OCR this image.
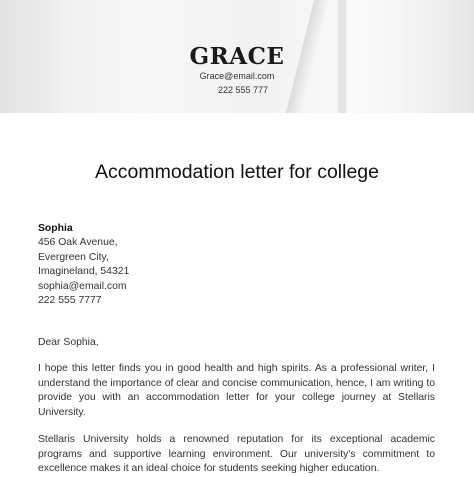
GRACE
Grace@email.com
222 555 777
Accommodation letter for college
Sophia
456 Oak Avenue,
Evergreen City,
Imagineland, 54321
sophia@email.com
222 555 7777
Dear Sophia,
I hope this letter finds you in good health and high spirits. As a professional writer, I understand the importance of clear and concise communication, hence, I am writing to provide you with an accommodation letter for your college journey at Stellaris University.
Stellaris University holds a renowned reputation for its exceptional academic programs and supportive learning environment. Our university's commitment to excellence makes it an ideal choice for students seeking higher education.
